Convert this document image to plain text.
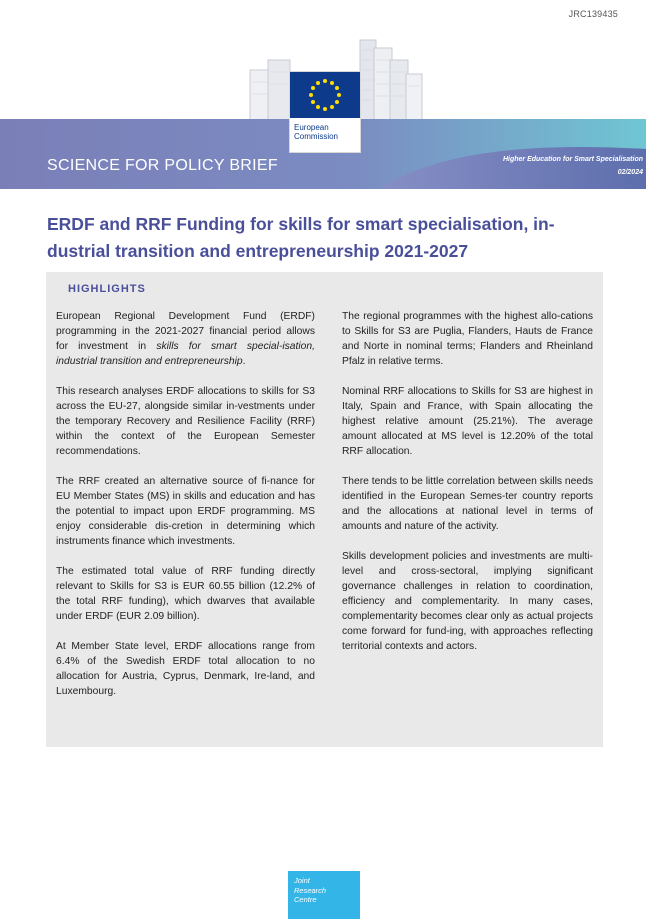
JRC139435
European
Commission
SCIENCE FOR POLICY BRIEF	Higher Education for Smart Specialisation
02/2024
ERDF and RRF Funding for skills for smart specialisation, in-dustrial transition and entrepreneurship 2021-2027
HIGHLIGHTS

European Regional Development Fund (ERDF) programming in the 2021-2027 financial period allows for investment in skills for smart special-isation, industrial transition and entrepreneurship.

This research analyses ERDF allocations to skills for S3 across the EU-27, alongside similar in-vestments under the temporary Recovery and Resilience Facility (RRF) within the context of the European Semester recommendations.

The RRF created an alternative source of fi-nance for EU Member States (MS) in skills and education and has the potential to impact upon ERDF programming. MS enjoy considerable dis-cretion in determining which instruments finance which investments.

The estimated total value of RRF funding directly relevant to Skills for S3 is EUR 60.55 billion (12.2% of the total RRF funding), which dwarves that available under ERDF (EUR 2.09 billion).

At Member State level, ERDF allocations range from 6.4% of the Swedish ERDF total allocation to no allocation for Austria, Cyprus, Denmark, Ire-land, and Luxembourg.

The regional programmes with the highest allo-cations to Skills for S3 are Puglia, Flanders, Hauts de France and Norte in nominal terms; Flanders and Rheinland Pfalz in relative terms.

Nominal RRF allocations to Skills for S3 are highest in Italy, Spain and France, with Spain allocating the highest relative amount (25.21%). The average amount allocated at MS level is 12.20% of the total RRF allocation.

There tends to be little correlation between skills needs identified in the European Semes-ter country reports and the allocations at national level in terms of amounts and nature of the activity.

Skills development policies and investments are multi-level and cross-sectoral, implying significant governance challenges in relation to coordination, efficiency and complementarity. In many cases, complementarity becomes clear only as actual projects come forward for fund-ing, with approaches reflecting territorial contexts and actors.

Joint
Research
Centre
